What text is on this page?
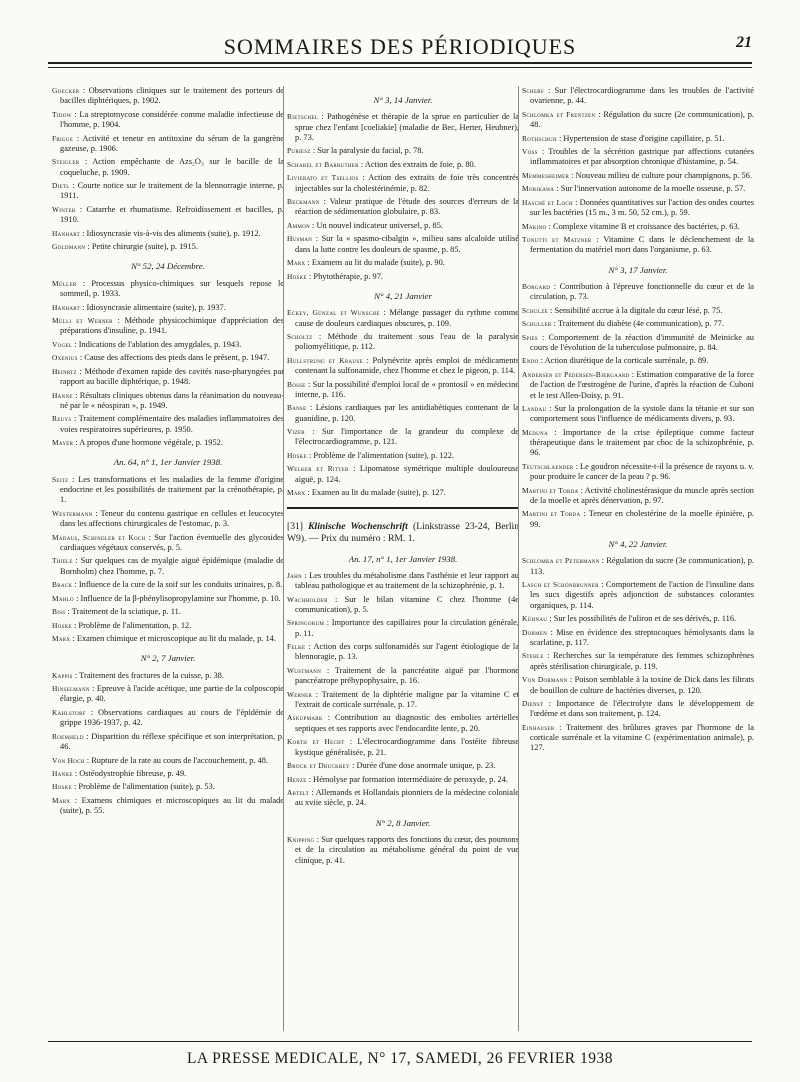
SOMMAIRES DES PÉRIODIQUES	21
Goecker : Observations cliniques sur le traitement des porteurs de bacilles diphtériques, p. 1902.
Tidow : La streptomycose considérée comme maladie infectieuse de l'homme, p. 1904.
Frigge : Activité et teneur en antitoxine du sérum de la gangrène gazeuse, p. 1906.
Steigler : Action empêchante de Azs₂O₃ sur le bacille de la coqueluche, p. 1909.
Dietl : Courte notice sur le traitement de la blennorragie interne, p. 1911.
Winter : Catarrhe et rhumatisme. Refroidissement et bacilles, p. 1910.
Hanhart : Idiosyncrasie vis-à-vis des aliments (suite), p. 1912.
Goldmann : Petite chirurgie (suite), p. 1915.
N° 52, 24 Décembre.
Müller : Processus physico-chimiques sur lesquels repose le sommeil, p. 1933.
Hanhart : Idiosyncrasie alimentaire (suite), p. 1937.
Mülli et Werner : Méthode physicochimique d'appréciation des préparations d'insuline, p. 1941.
Vogel : Indications de l'ablation des amygdales, p. 1943.
Oxenius : Cause des affections des pieds dans le présent, p. 1947.
Heinrtz : Méthode d'examen rapide des cavités naso-pharyngées par rapport au bacille diphtérique, p. 1948.
Hanne : Résultats cliniques obtenus dans la réanimation du nouveau-né par le « néospiran », p. 1949.
Reuys : Traitement complémentaire des maladies inflammatoires des voies respiratoires supérieures, p. 1950.
Mayer : A propos d'une hormone végétale, p. 1952.
An. 64, n° 1, 1er Janvier 1938.
Seitz : Les transformations et les maladies de la femme d'origine endocrine et les possibilités de traitement par la crénothérapie, p. 1.
Westermann : Teneur du contenu gastrique en cellules et leucocytes dans les affections chirurgicales de l'estomac, p. 3.
Madaus, Schindler et Koch : Sur l'action éventuelle des glycosides cardiaques végétaux conservés, p. 5.
Thiele : Sur quelques cas de myalgie aiguë épidémique (maladie de Bornholm) chez l'homme, p. 7.
Brack : Influence de la cure de la soif sur les conduits urinaires, p. 8.
Mahlo : Influence de la β-phénylisopropylamine sur l'homme, p. 10.
Biss : Traitement de la sciatique, p. 11.
Hoske : Problème de l'alimentation, p. 12.
Marx : Examen chimique et microscopique au lit du malade, p. 14.
N° 2, 7 Janvier.
Kappis : Traitement des fractures de la cuisse, p. 38.
Hinselmann : Epreuve à l'acide acétique, une partie de la colposcopie élargie, p. 40.
Kahlstorf : Observations cardiaques au cours de l'épidémie de grippe 1936-1937, p. 42.
Roemheld : Disparition du réflexe spécifique et son interprétation, p. 46.
Von Hoch : Rupture de la rate au cours de l'accouchement, p. 48.
Hanke : Ostéodystrophie fibreuse, p. 49.
Hoske : Problème de l'alimentation (suite), p. 53.
Marx : Examens chimiques et microscopiques au lit du malade (suite), p. 55.
N° 3, 14 Janvier.
Rietschel : Pathogénèse et thérapie de la sprue en particulier de la sprue chez l'enfant [coeliakie] (maladie de Bec, Herter, Heubner), p. 73.
Puriesz : Sur la paralysie du facial, p. 78.
Schabel et Barruther : Action des extraits de foie, p. 80.
Livierato et Tsellios : Action des extraits de foie très concentrés injectables sur la cholestérinémie, p. 82.
Beckmann : Valeur pratique de l'étude des sources d'erreurs de la réaction de sédimentation globulaire, p. 83.
Ammon : Un nouvel indicateur universel, p. 85.
Husman : Sur la « spasmo-cibalgin », milieu sans alcaloïde utilisé dans la lutte contre les douleurs de spasme, p. 85.
Marx : Examens au lit du malade (suite), p. 90.
Hoske : Phytothérapie, p. 97.
N° 4, 21 Janvier
Eckey, Günzal et Wunsche : Mélange passager du rythme comme cause de douleurs cardiaques obscures, p. 109.
Scholtz : Méthode du traitement sous l'eau de la paralysie poliomyélitique, p. 112.
Hullstrung et Krause : Polynévrite après emploi de médicaments contenant la sulfonamide, chez l'homme et chez le pigeon, p. 114.
Bosse : Sur la possibilité d'emploi local de « prontosil » en médecine interne, p. 116.
Banse : Lésions cardiaques par les antidiabétiques contenant de la guanidine, p. 120.
Vizer : Sur l'importance de la grandeur du complexe de l'électrocardiogramme, p. 121.
Hoske : Problème de l'alimentation (suite), p. 122.
Welker et Ritter : Lipomatose symétrique multiple douloureuse aiguë, p. 124.
Marx : Examen au lit du malade (suite), p. 127.
[31] Klinische Wochenschrift (Linkstrasse 23-24, Berlin W9). — Prix du numéro : RM. 1.
An. 17, n° 1, 1er Janvier 1938.
Jahn : Les troubles du métabolisme dans l'asthénie et leur rapport au tableau pathologique et au traitement de la schizophrénie, p. 1.
Wachholder : Sur le bilan vitamine C chez l'homme (4e communication), p. 5.
Springorum : Importance des capillaires pour la circulation générale, p. 11.
Felke : Action des corps sulfonamidés sur l'agent étiologique de la blennoragie, p. 13.
Wustmann : Traitement de la pancréatite aiguë par l'hormone pancréatrope préhypophysaire, p. 16.
Werner : Traitement de la diphtérie maligne par la vitamine C et l'extrait de corticale surrénale, p. 17.
Askupmark : Contribution au diagnostic des embolies artérielles septiques et ses rapports avec l'endocardite lente, p. 20.
Korth et Hecht : L'électrocardiogramme dans l'ostéite fibreuse kystique généralisée, p. 21.
Brock et Druckrey : Durée d'une dose anormale unique, p. 23.
Henze : Hémolyse par formation intermédiaire de peroxyde, p. 24.
Artelt : Allemands et Hollandais pionniers de la médecine coloniale au xviie siècle, p. 24.
N° 2, 8 Janvier.
Knipping : Sur quelques rapports des fonctions du cœur, des poumons et de la circulation au métabolisme général du point de vue clinique, p. 41.
Scherf : Sur l'électrocardiogramme dans les troubles de l'activité ovarienne, p. 44.
Schlomka et Frentzen : Régulation du sucre (2e communication), p. 48.
Rothschuh : Hypertension de stase d'origine capillaire, p. 51.
Voss : Troubles de la sécrétion gastrique par affections cutanées inflammatoires et par absorption chronique d'histamine, p. 54.
Memmesheimer : Nouveau milieu de culture pour champignons, p. 56.
Morikawa : Sur l'innervation autonome de la moelle osseuse, p. 57.
Hasché et Loch : Données quantitatives sur l'action des ondes courtes sur les bactéries (15 m., 3 m. 50, 52 cm.), p. 59.
Makino : Complexe vitamine B et croissance des bactéries, p. 63.
Tonutti et Matzner : Vitamine C dans le déclenchement de la fermentation du matériel mort dans l'organisme, p. 63.
N° 3, 17 Janvier.
Borgard : Contribution à l'épreuve fonctionnelle du cœur et de la circulation, p. 73.
Schulze : Sensibilité accrue à la digitale du cœur lésé, p. 75.
Schuller : Traitement du diabète (4e communication), p. 77.
Spies : Comportement de la réaction d'immunité de Meinicke au cours de l'évolution de la tuberculose pulmonaire, p. 84.
Endo : Action diurétique de la corticale surrénale, p. 89.
Andersen et Pedersen-Bjergaard : Estimation comparative de la force de l'action de l'œstrogène de l'urine, d'après la réaction de Cuboni et le test Allen-Doisy, p. 91.
Landau : Sur la prolongation de la systole dans la tétanie et sur son comportement sous l'influence de médicaments divers, p. 93.
Meduna : Importance de la crise épileptique comme facteur thérapeutique dans le traitement par choc de la schizophrénie, p. 96.
Teutschlaender : Le goudron nécessite-t-il la présence de rayons u. v. pour produire le cancer de la peau ? p. 96.
Martini et Torda : Activité cholinestérasique du muscle après section de la moelle et après dénervation, p. 97.
Martini et Torda : Teneur en cholestérine de la moelle épinière, p. 99.
N° 4, 22 Janvier.
Schlomka et Petermann : Régulation du sucre (3e communication), p. 113.
Lasch et Schönbrunner : Comportement de l'action de l'insuline dans les sucs digestifs après adjonction de substances colorantes organiques, p. 114.
Kühnau : Sur les possibilités de l'uliron et de ses dérivés, p. 116.
Dormen : Mise en évidence des streptocoques hémolysants dans la scarlatine, p. 117.
Stehle : Recherches sur la température des femmes schizophrènes après stérilisation chirurgicale, p. 119.
Von Dormann : Poison semblable à la toxine de Dick dans les filtrats de bouillon de culture de bactéries diverses, p. 120.
Dienst : Importance de l'électrolyte dans le développement de l'œdème et dans son traitement, p. 124.
Einhauser : Traitement des brûlures graves par l'hormone de la corticale surrénale et la vitamine C (expérimentation animale), p. 127.
LA PRESSE MEDICALE, N° 17, SAMEDI, 26 FEVRIER 1938
